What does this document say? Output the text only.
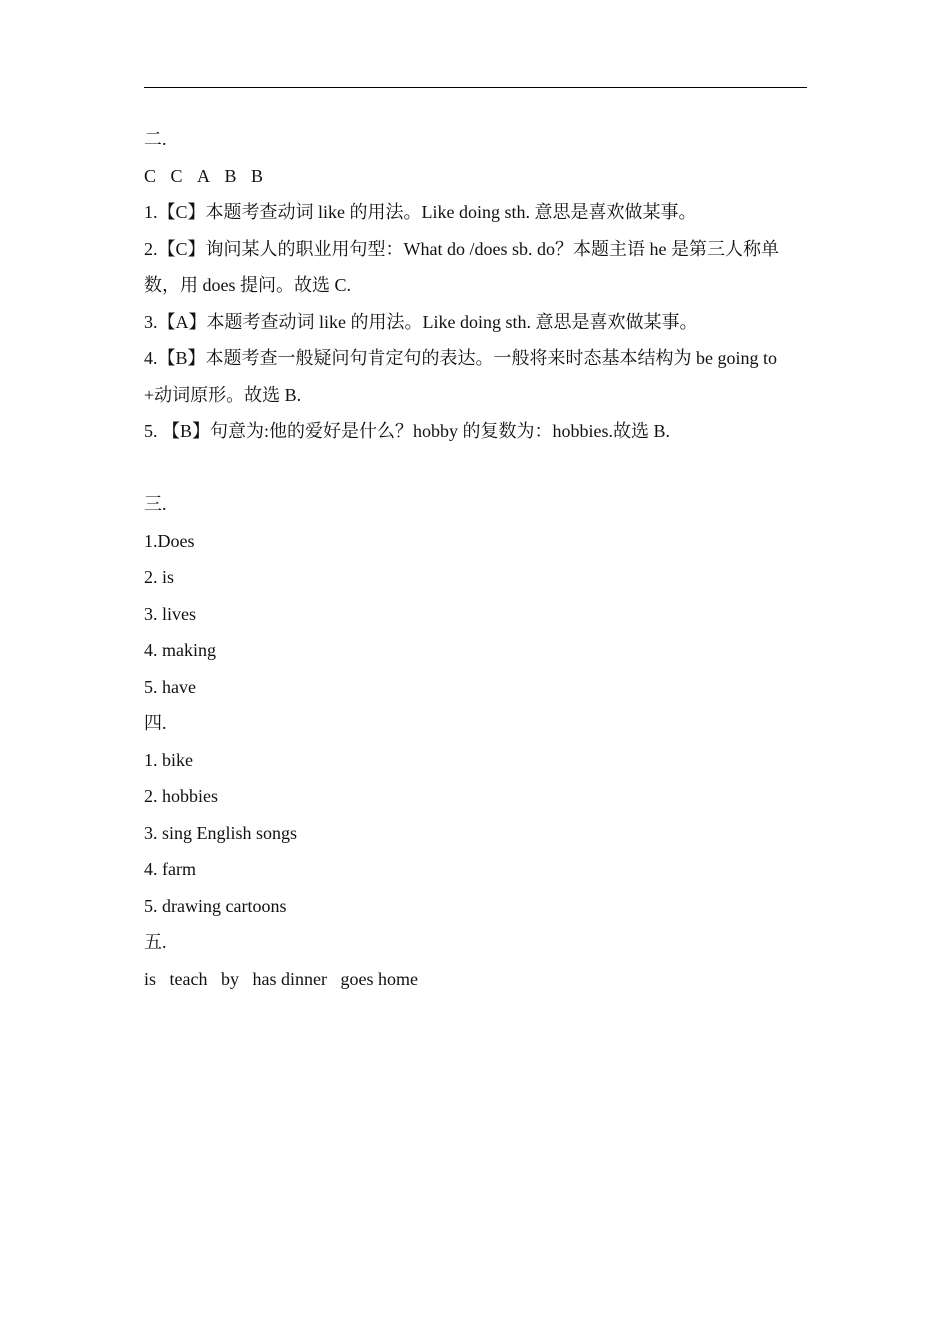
二.
C C A B B
1.【C】本题考查动词 like 的用法。Like doing sth. 意思是喜欢做某事。
2.【C】询问某人的职业用句型：What do /does sb. do？本题主语 he 是第三人称单数，用 does 提问。故选 C.
3.【A】本题考查动词 like 的用法。Like doing sth. 意思是喜欢做某事。
4.【B】本题考查一般疑问句肯定句的表达。一般将来时态基本结构为 be going to +动词原形。故选 B.
5. 【B】句意为:他的爱好是什么？hobby 的复数为：hobbies.故选 B.
三.
1.Does
2. is
3. lives
4. making
5. have
四.
1. bike
2. hobbies
3. sing English songs
4. farm
5. drawing cartoons
五.
is teach by has dinner goes home
